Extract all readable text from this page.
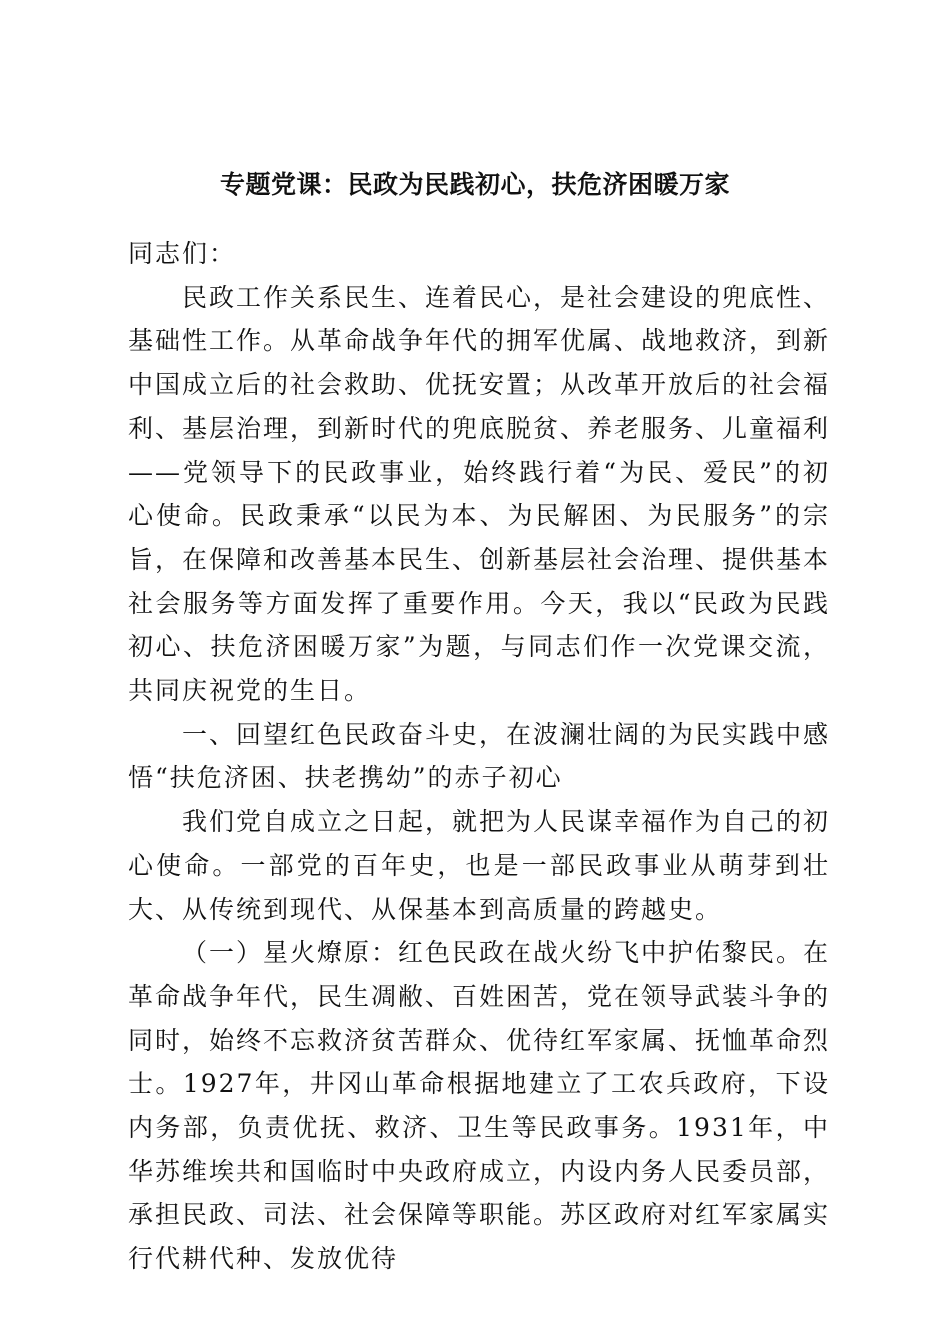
专题党课：民政为民践初心，扶危济困暖万家

同志们：

民政工作关系民生、连着民心，是社会建设的兜底性、基础性工作。从革命战争年代的拥军优属、战地救济，到新中国成立后的社会救助、优抚安置；从改革开放后的社会福利、基层治理，到新时代的兜底脱贫、养老服务、儿童福利——党领导下的民政事业，始终践行着“为民、爱民”的初心使命。民政秉承“以民为本、为民解困、为民服务”的宗旨，在保障和改善基本民生、创新基层社会治理、提供基本社会服务等方面发挥了重要作用。今天，我以“民政为民践初心、扶危济困暖万家”为题，与同志们作一次党课交流，共同庆祝党的生日。

一、回望红色民政奋斗史，在波澜壮阔的为民实践中感悟“扶危济困、扶老携幼”的赤子初心

我们党自成立之日起，就把为人民谋幸福作为自己的初心使命。一部党的百年史，也是一部民政事业从萌芽到壮大、从传统到现代、从保基本到高质量的跨越史。

（一）星火燎原：红色民政在战火纷飞中护佑黎民。在革命战争年代，民生凋敝、百姓困苦，党在领导武装斗争的同时，始终不忘救济贫苦群众、优待红军家属、抚恤革命烈士。1927年，井冈山革命根据地建立了工农兵政府，下设内务部，负责优抚、救济、卫生等民政事务。1931年，中华苏维埃共和国临时中央政府成立，内设内务人民委员部，承担民政、司法、社会保障等职能。苏区政府对红军家属实行代耕代种、发放优待
